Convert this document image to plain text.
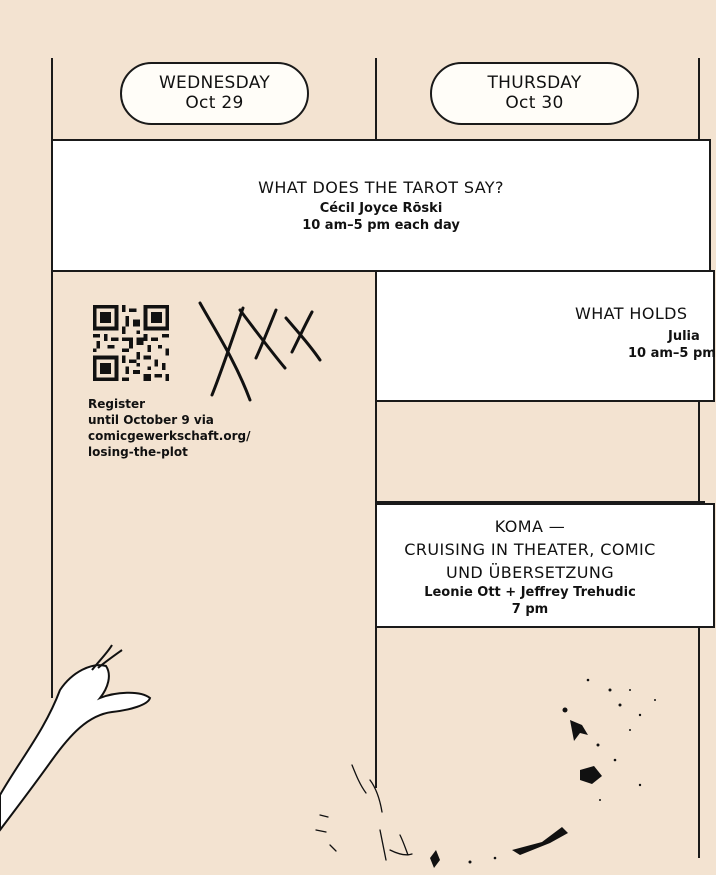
WEDNESDAY
Oct 29
THURSDAY
Oct 30
WHAT DOES THE TAROT SAY?
Cécil Joyce Rōski
10 am–5 pm each day
WHAT HOLDS
Julia
10 am–5 pm
KOMA —
CRUISING IN THEATER, COMIC
UND ÜBERSETZUNG
Leonie Ott + Jeffrey Trehudic
7 pm
Register
until October 9 via
comicgewerkschaft.org/
losing-the-plot
